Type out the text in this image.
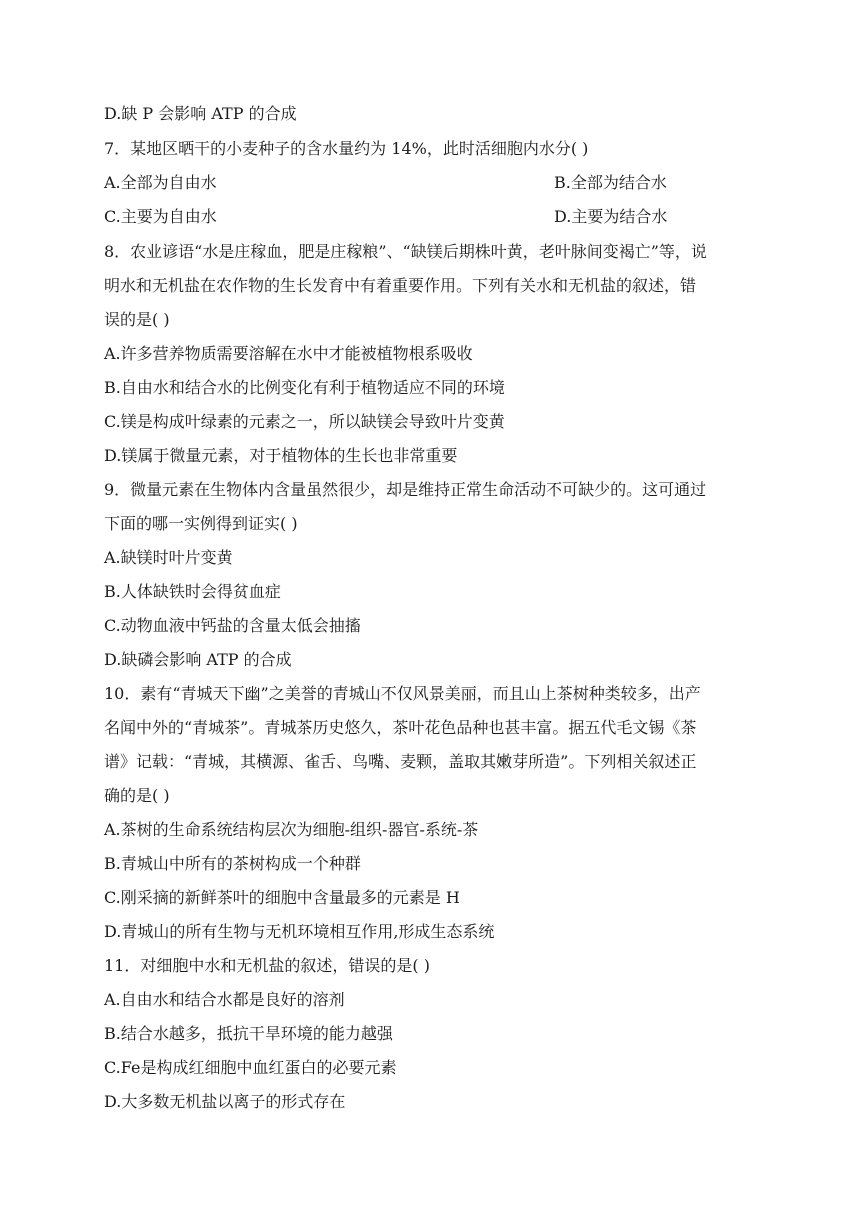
D.缺 P 会影响 ATP 的合成
7．某地区晒干的小麦种子的含水量约为 14%，此时活细胞内水分( )
A.全部为自由水	B.全部为结合水
C.主要为自由水	D.主要为结合水
8．农业谚语“水是庄稼血，肥是庄稼粮”、“缺镁后期株叶黄，老叶脉间变褐亡”等，说
明水和无机盐在农作物的生长发育中有着重要作用。下列有关水和无机盐的叙述，错
误的是( )
A.许多营养物质需要溶解在水中才能被植物根系吸收
B.自由水和结合水的比例变化有利于植物适应不同的环境
C.镁是构成叶绿素的元素之一，所以缺镁会导致叶片变黄
D.镁属于微量元素，对于植物体的生长也非常重要
9．微量元素在生物体内含量虽然很少，却是维持正常生命活动不可缺少的。这可通过
下面的哪一实例得到证实( )
A.缺镁时叶片变黄
B.人体缺铁时会得贫血症
C.动物血液中钙盐的含量太低会抽搐
D.缺磷会影响 ATP 的合成
10．素有“青城天下幽”之美誉的青城山不仅风景美丽，而且山上茶树种类较多，出产
名闻中外的“青城茶”。青城茶历史悠久，茶叶花色品种也甚丰富。据五代毛文锡《茶
谱》记载：“青城，其横源、雀舌、鸟嘴、麦颗，盖取其嫩芽所造”。下列相关叙述正
确的是( )
A.茶树的生命系统结构层次为细胞-组织-器官-系统-茶
B.青城山中所有的茶树构成一个种群
C.刚采摘的新鲜茶叶的细胞中含量最多的元素是 H
D.青城山的所有生物与无机环境相互作用,形成生态系统
11．对细胞中水和无机盐的叙述，错误的是( )
A.自由水和结合水都是良好的溶剂
B.结合水越多，抵抗干旱环境的能力越强
C.Fe是构成红细胞中血红蛋白的必要元素
D.大多数无机盐以离子的形式存在
